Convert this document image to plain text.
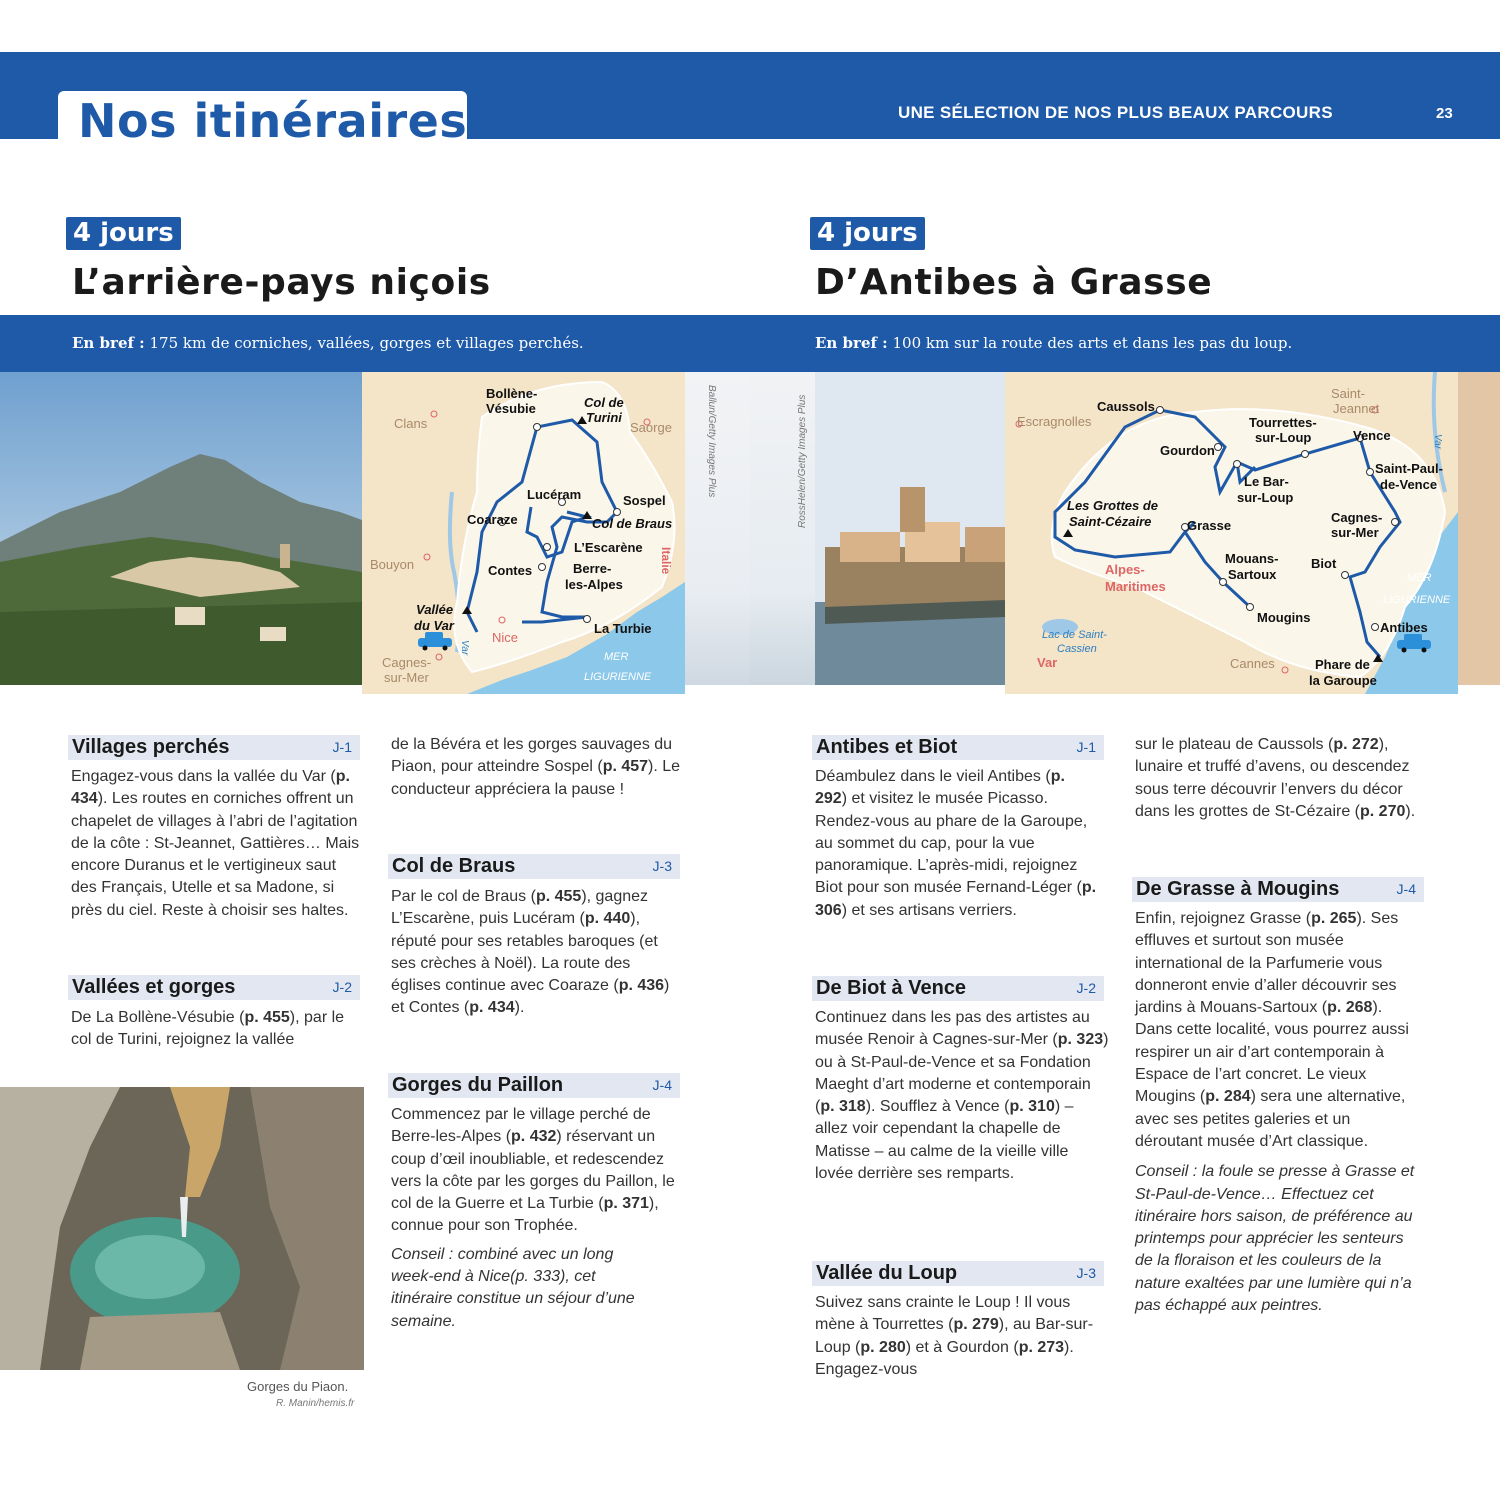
Nos itinéraires	UNE SÉLECTION DE NOS PLUS BEAUX PARCOURS	23
4 jours
L’arrière-pays niçois
En bref : 175 km de corniches, vallées, gorges et villages perchés.
4 jours
D’Antibes à Grasse
En bref : 100 km sur la route des arts et dans les pas du loup.
Bollène-
Vésubie	Col de
Turini
Lucéram	Sospel
Coaraze	Col de Braus
L’Escarène
Contes	Berre-
les-Alpes
Vallée
du Var	La Turbie
Clans	Saorge
Bouyon
Cagnes-
sur-Mer
Nice
Italie
Var
MER
LIGURIENNE
Ballun/Getty Images Plus	RossHelen/Getty Images Plus	Caussols
Tourrettes-
sur-Loup	Vence
Gourdon
Saint-Paul-
de-Vence
Le Bar-
sur-Loup
Les Grottes de
Saint-Cézaire	Grasse
Cagnes-
sur-Mer
Mouans-
Sartoux
Biot
Mougins
Antibes
Phare de
la Garoupe
Saint-
Jeannet
Escragnolles
Cannes
Alpes-
Maritimes
Var
Var
Lac de Saint-
Cassien
MER
LIGURIENNE
Villages perchés	J-1
Engagez-vous dans la vallée du Var (p. 434). Les routes en corniches offrent un chapelet de villages à l’abri de l’agitation de la côte : St-Jeannet, Gattières… Mais encore Duranus et le vertigineux saut des Français, Utelle et sa Madone, si près du ciel. Reste à choisir ses haltes.
Vallées et gorges	J-2
De La Bollène-Vésubie (p. 455), par le col de Turini, rejoignez la vallée
de la Bévéra et les gorges sauvages du Piaon, pour atteindre Sospel (p. 457). Le conducteur appréciera la pause !
Col de Braus	J-3
Par le col de Braus (p. 455), gagnez L’Escarène, puis Lucéram (p. 440), réputé pour ses retables baroques (et ses crèches à Noël). La route des églises continue avec Coaraze (p. 436) et Contes (p. 434).
Gorges du Paillon	J-4

Commencez par le village perché de Berre-les-Alpes (p. 432) réservant un coup d’œil inoubliable, et redescendez vers la côte par les gorges du Paillon, le col de la Guerre et La Turbie (p. 371), connue pour son Trophée.

Conseil : combiné avec un long week-end à Nice(p. 333), cet itinéraire constitue un séjour d’une semaine.

Gorges du Piaon.
R. Manin/hemis.fr
Antibes et Biot	J-1
Déambulez dans le vieil Antibes (p. 292) et visitez le musée Picasso. Rendez-vous au phare de la Garoupe, au sommet du cap, pour la vue panoramique. L’après-midi, rejoignez Biot pour son musée Fernand-Léger (p. 306) et ses artisans verriers.
De Biot à Vence	J-2
Continuez dans les pas des artistes au musée Renoir à Cagnes-sur-Mer (p. 323) ou à St-Paul-de-Vence et sa Fondation Maeght d’art moderne et contemporain (p. 318). Soufflez à Vence (p. 310) – allez voir cependant la chapelle de Matisse – au calme de la vieille ville lovée derrière ses remparts.
Vallée du Loup	J-3
Suivez sans crainte le Loup ! Il vous mène à Tourrettes (p. 279), au Bar-sur-Loup (p. 280) et à Gourdon (p. 273). Engagez-vous
sur le plateau de Caussols (p. 272), lunaire et truffé d’avens, ou descendez sous terre découvrir l’envers du décor dans les grottes de St-Cézaire (p. 270).
De Grasse à Mougins	J-4

Enfin, rejoignez Grasse (p. 265). Ses effluves et surtout son musée international de la Parfumerie vous donneront envie d’aller découvrir ses jardins à Mouans-Sartoux (p. 268). Dans cette localité, vous pourrez aussi respirer un air d’art contemporain à Espace de l’art concret. Le vieux Mougins (p. 284) sera une alternative, avec ses petites galeries et un déroutant musée d’Art classique.

Conseil : la foule se presse à Grasse et St-Paul-de-Vence… Effectuez cet itinéraire hors saison, de préférence au printemps pour apprécier les senteurs de la floraison et les couleurs de la nature exaltées par une lumière qui n’a pas échappé aux peintres.
